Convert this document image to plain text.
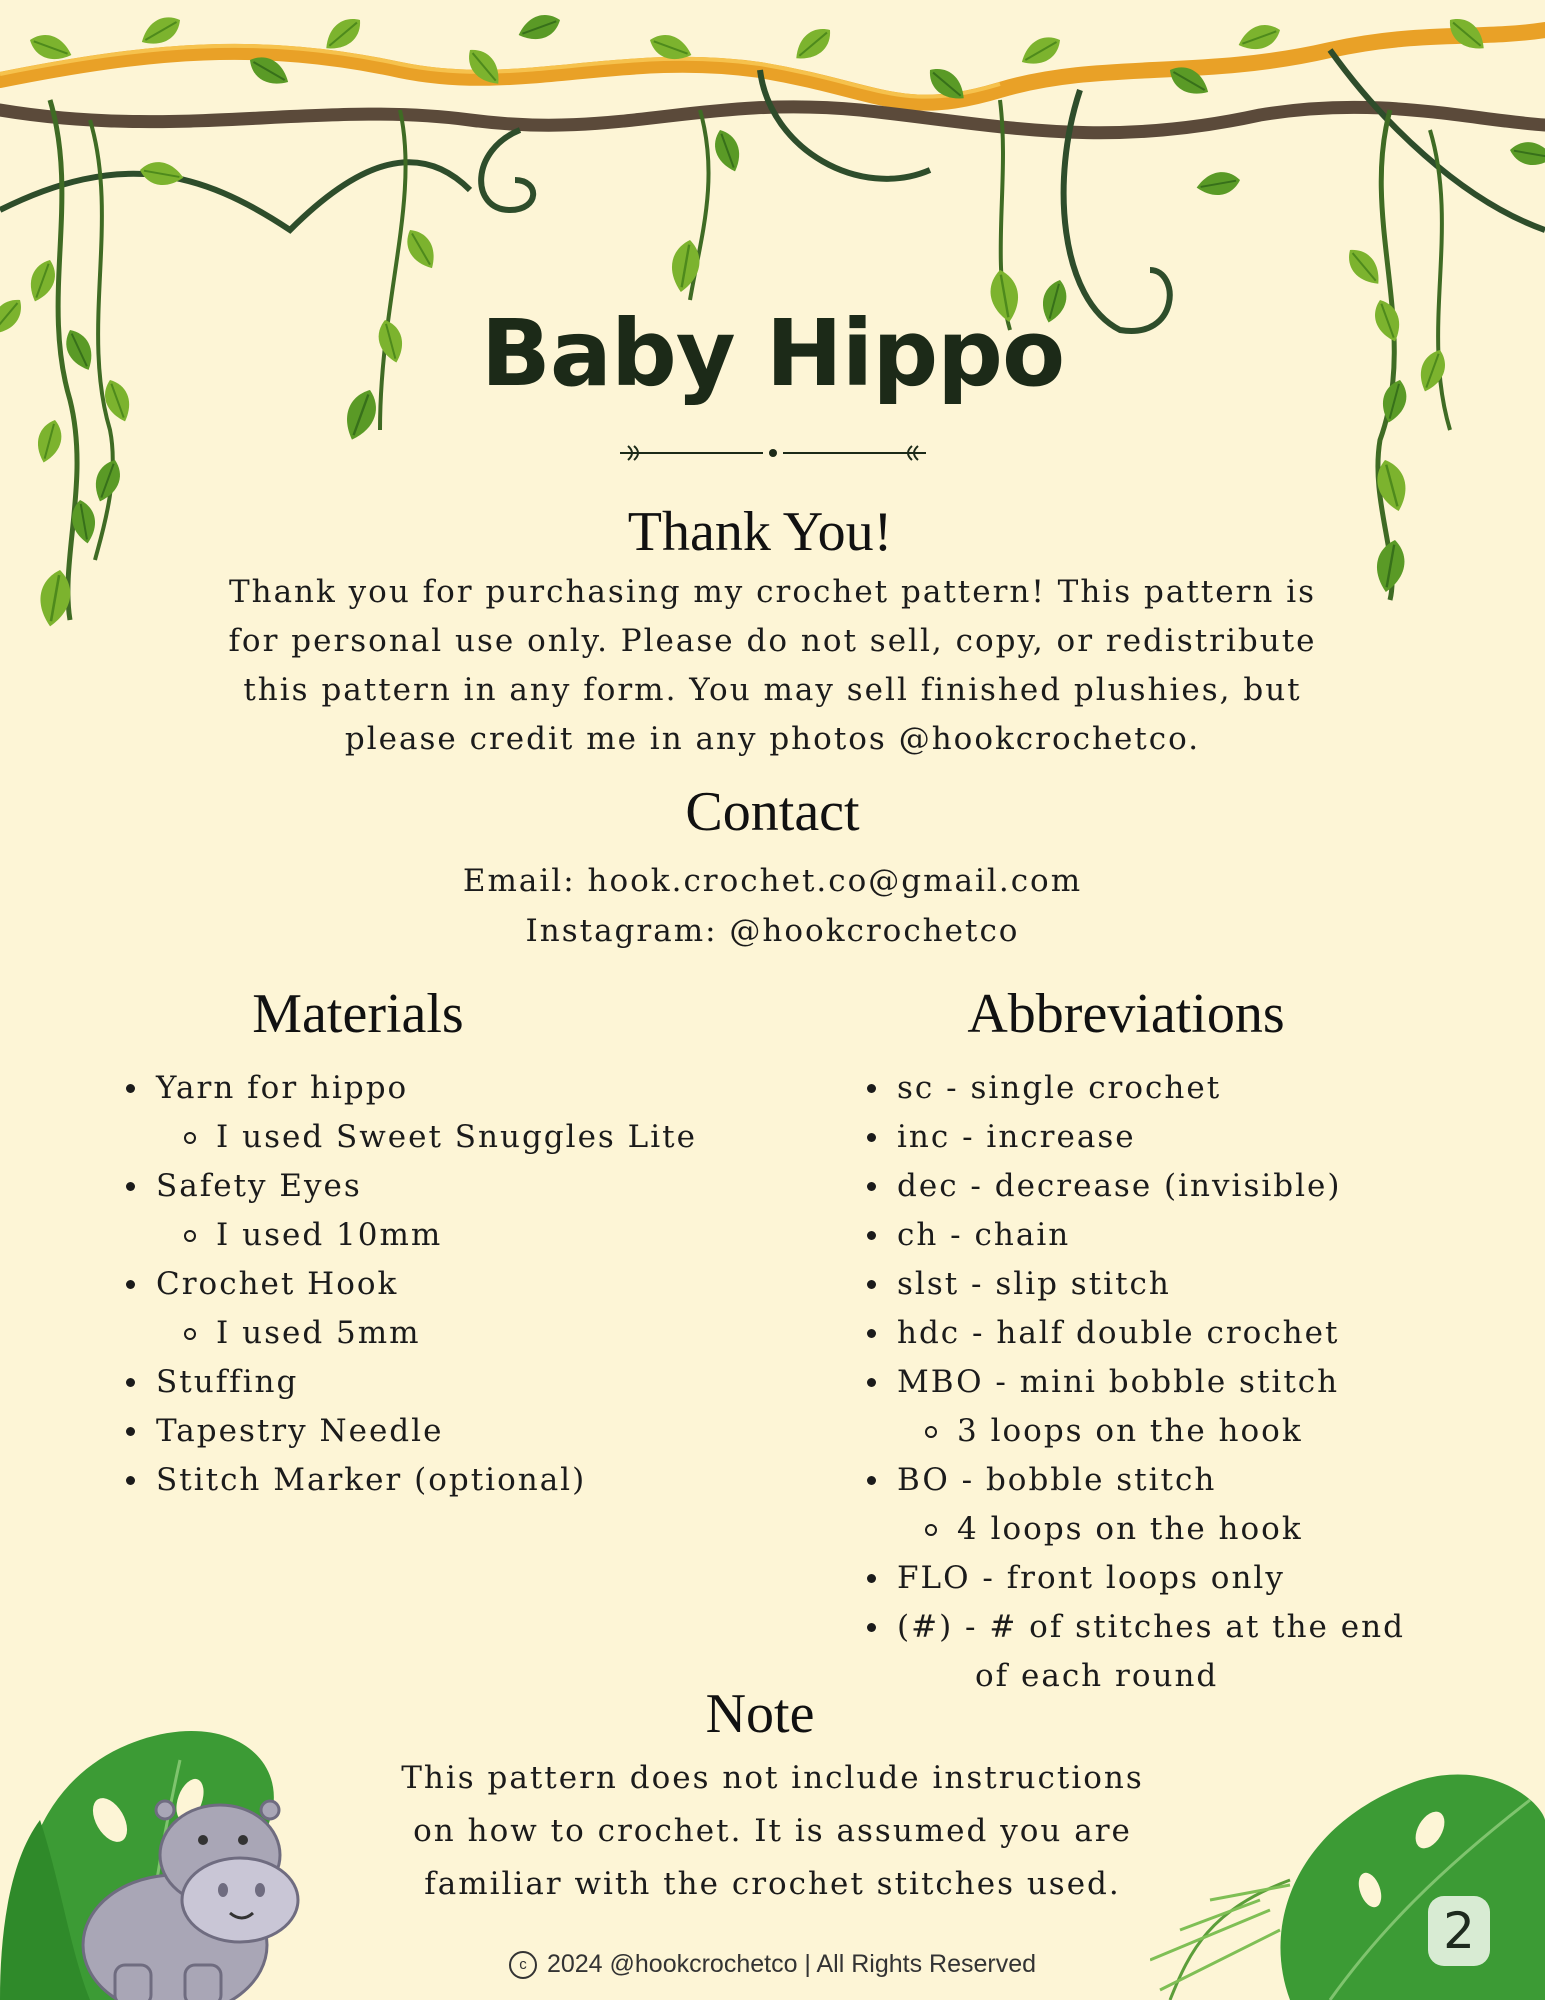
Baby Hippo
Thank You!
Thank you for purchasing my crochet pattern! This pattern is
for personal use only. Please do not sell, copy, or redistribute
this pattern in any form. You may sell finished plushies, but
please credit me in any photos @hookcrochetco.
Contact
Email: hook.crochet.co@gmail.com
Instagram: @hookcrochetco
Materials
Yarn for hippo
I used Sweet Snuggles Lite
Safety Eyes
I used 10mm
Crochet Hook
I used 5mm
Stuffing
Tapestry Needle
Stitch Marker (optional)
Abbreviations
sc - single crochet
inc - increase
dec - decrease (invisible)
ch - chain
slst - slip stitch
hdc - half double crochet
MBO - mini bobble stitch
3 loops on the hook
BO - bobble stitch
4 loops on the hook
FLO - front loops only
(#) - # of stitches at the end
of each round
Note
This pattern does not include instructions
on how to crochet. It is assumed you are
familiar with the crochet stitches used.
c 2024 @hookcrochetco | All Rights Reserved
2
